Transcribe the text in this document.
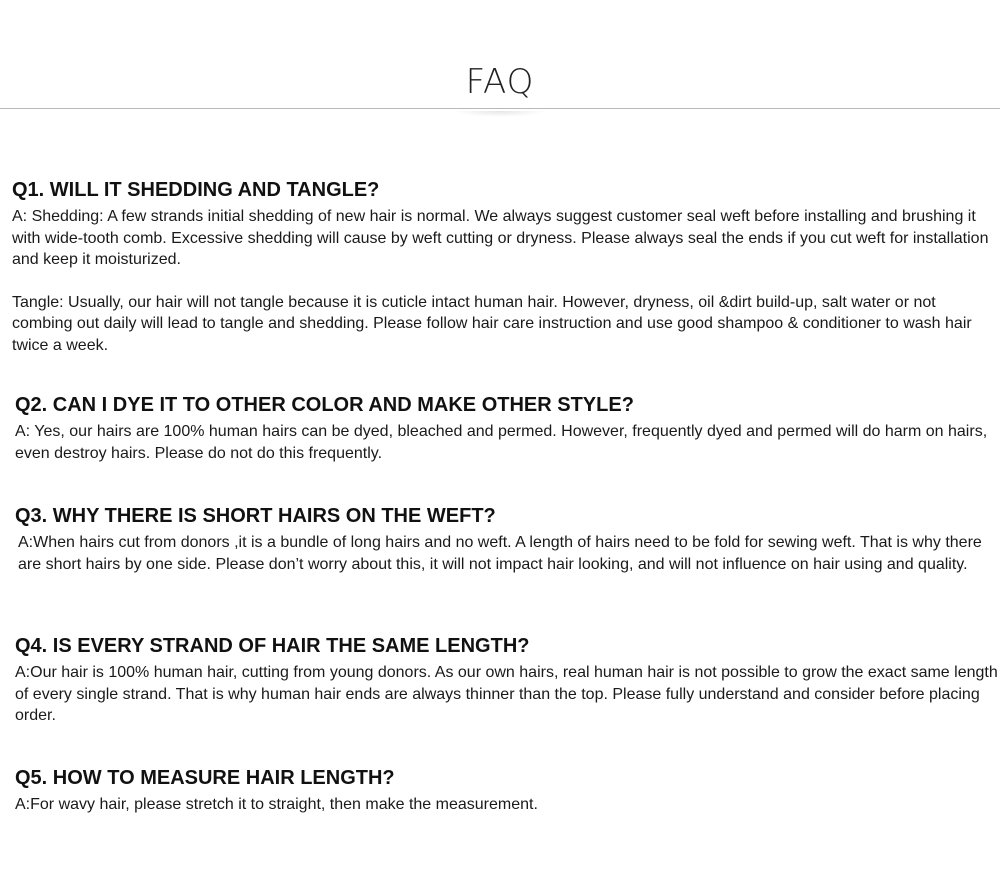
FAQ
Q1. WILL IT SHEDDING AND TANGLE?

A: Shedding: A few strands initial shedding of new hair is normal. We always suggest customer seal weft before installing and brushing it with wide-tooth comb. Excessive shedding will cause by weft cutting or dryness. Please always seal the ends if you cut weft for installation and keep it moisturized.

Tangle: Usually, our hair will not tangle because it is cuticle intact human hair. However, dryness, oil &dirt build-up, salt water or not combing out daily will lead to tangle and shedding. Please follow hair care instruction and use good shampoo & conditioner to wash hair twice a week.

Q2. CAN I DYE IT TO OTHER COLOR AND MAKE OTHER STYLE?

A: Yes, our hairs are 100% human hairs can be dyed, bleached and permed. However, frequently dyed and permed will do harm on hairs, even destroy hairs. Please do not do this frequently.

Q3. WHY THERE IS SHORT HAIRS ON THE WEFT?

A:When hairs cut from donors ,it is a bundle of long hairs and no weft. A length of hairs need to be fold for sewing weft. That is why there are short hairs by one side. Please don’t worry about this, it will not impact hair looking, and will not influence on hair using and quality.

Q4. IS EVERY STRAND OF HAIR THE SAME LENGTH?

A:Our hair is 100% human hair, cutting from young donors. As our own hairs, real human hair is not possible to grow the exact same length of every single strand. That is why human hair ends are always thinner than the top. Please fully understand and consider before placing order.

Q5. HOW TO MEASURE HAIR LENGTH?

A:For wavy hair, please stretch it to straight, then make the measurement.
